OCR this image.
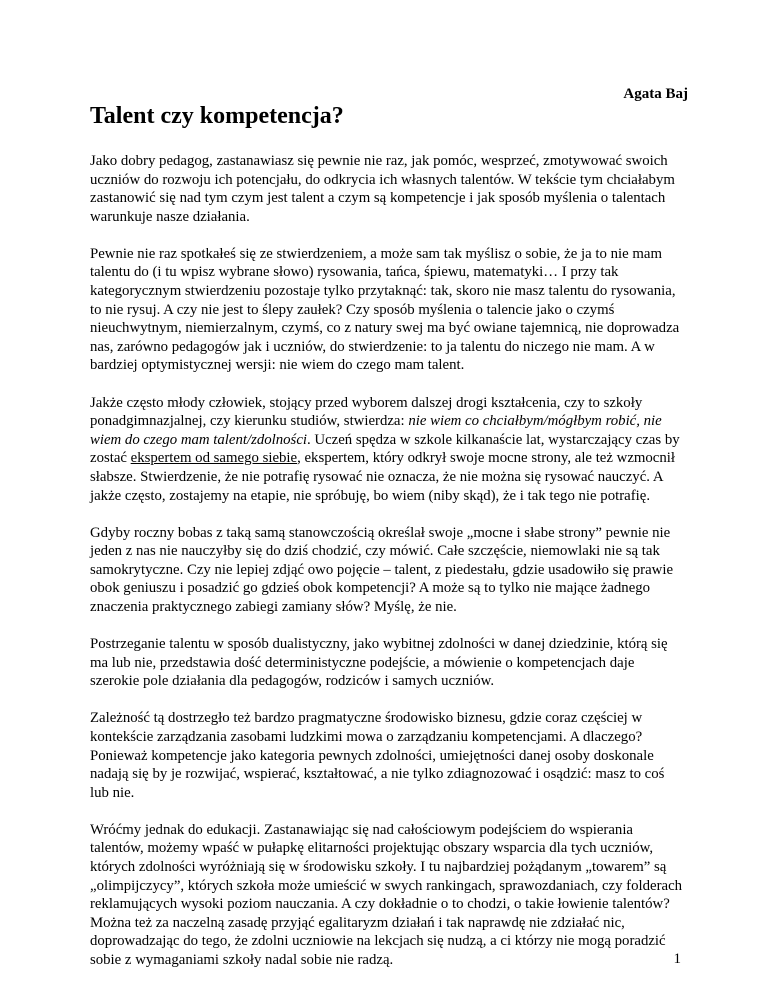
Agata Baj
Talent czy kompetencja?

Jako dobry pedagog, zastanawiasz się pewnie nie raz, jak pomóc, wesprzeć, zmotywować swoich uczniów do rozwoju ich potencjału, do odkrycia ich własnych talentów. W tekście tym chciałabym zastanowić się nad tym czym jest talent a czym są kompetencje i jak sposób myślenia o talentach warunkuje nasze działania.

Pewnie nie raz spotkałeś się ze stwierdzeniem, a może sam tak myślisz o sobie, że ja to nie mam talentu do (i tu wpisz wybrane słowo) rysowania, tańca, śpiewu, matematyki… I przy tak kategorycznym stwierdzeniu pozostaje tylko przytaknąć: tak, skoro nie masz talentu do rysowania, to nie rysuj. A czy nie jest to ślepy zaułek? Czy sposób myślenia o talencie jako o czymś nieuchwytnym, niemierzalnym, czymś, co z natury swej ma być owiane tajemnicą, nie doprowadza nas, zarówno pedagogów jak i uczniów, do stwierdzenie: to ja talentu do niczego nie mam. A w bardziej optymistycznej wersji: nie wiem do czego mam talent.

Jakże często młody człowiek, stojący przed wyborem dalszej drogi kształcenia, czy to szkoły ponadgimnazjalnej, czy kierunku studiów, stwierdza: nie wiem co chciałbym/mógłbym robić, nie wiem do czego mam talent/zdolności. Uczeń spędza w szkole kilkanaście lat, wystarczający czas by zostać ekspertem od samego siebie, ekspertem, który odkrył swoje mocne strony, ale też wzmocnił słabsze. Stwierdzenie, że nie potrafię rysować nie oznacza, że nie można się rysować nauczyć. A jakże często, zostajemy na etapie, nie spróbuję, bo wiem (niby skąd), że i tak tego nie potrafię.

Gdyby roczny bobas z taką samą stanowczością określał swoje „mocne i słabe strony” pewnie nie jeden z nas nie nauczyłby się do dziś chodzić, czy mówić. Całe szczęście, niemowlaki nie są tak samokrytyczne. Czy nie lepiej zdjąć owo pojęcie – talent, z piedestału, gdzie usadowiło się prawie obok geniuszu i posadzić go gdzieś obok kompetencji? A może są to tylko nie mające żadnego znaczenia praktycznego zabiegi zamiany słów? Myślę, że nie.

Postrzeganie talentu w sposób dualistyczny, jako wybitnej zdolności w danej dziedzinie, którą się ma lub nie, przedstawia dość deterministyczne podejście, a mówienie o kompetencjach daje szerokie pole działania dla pedagogów, rodziców i samych uczniów.

Zależność tą dostrzegło też bardzo pragmatyczne środowisko biznesu, gdzie coraz częściej w kontekście zarządzania zasobami ludzkimi mowa o zarządzaniu kompetencjami. A dlaczego? Ponieważ kompetencje jako kategoria pewnych zdolności, umiejętności danej osoby doskonale nadają się by je rozwijać, wspierać, kształtować, a nie tylko zdiagnozować i osądzić: masz to coś lub nie.

Wróćmy jednak do edukacji. Zastanawiając się nad całościowym podejściem do wspierania talentów, możemy wpaść w pułapkę elitarności projektując obszary wsparcia dla tych uczniów, których zdolności wyróżniają się w środowisku szkoły. I tu najbardziej pożądanym „towarem” są „olimpijczycy”, których szkoła może umieścić w swych rankingach, sprawozdaniach, czy folderach reklamujących wysoki poziom nauczania. A czy dokładnie o to chodzi, o takie łowienie talentów? Można też za naczelną zasadę przyjąć egalitaryzm działań i tak naprawdę nie zdziałać nic, doprowadzając do tego, że zdolni uczniowie na lekcjach się nudzą, a ci którzy nie mogą poradzić sobie z wymaganiami szkoły nadal sobie nie radzą.	1
